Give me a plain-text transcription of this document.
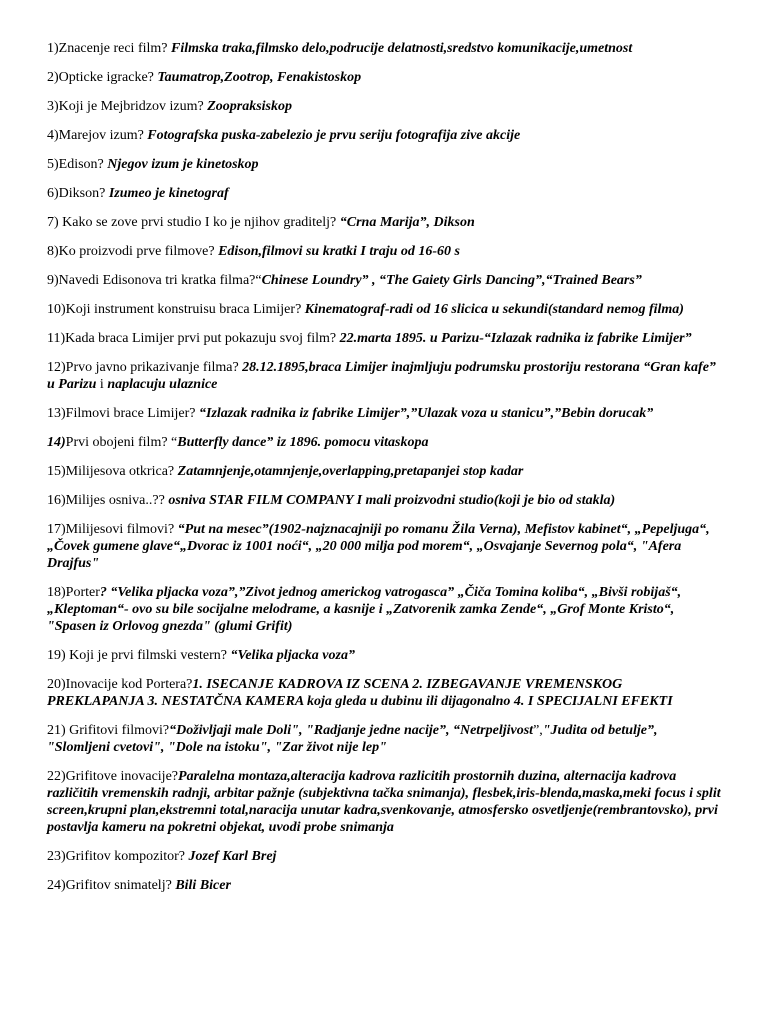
1)Znacenje reci film? Filmska traka,filmsko delo,podrucije delatnosti,sredstvo komunikacije,umetnost

2)Opticke igracke? Taumatrop,Zootrop, Fenakistoskop

3)Koji je Mejbridzov izum? Zoopraksiskop

4)Marejov izum? Fotografska puska-zabelezio je prvu seriju fotografija zive akcije

5)Edison? Njegov izum je kinetoskop

6)Dikson? Izumeo je kinetograf

7) Kako se zove prvi studio I ko je njihov graditelj? “Crna Marija”, Dikson

8)Ko proizvodi prve filmove? Edison,filmovi su kratki I traju od 16-60 s

9)Navedi Edisonova tri kratka filma?“Chinese Loundry” , “The Gaiety Girls Dancing”,“Trained Bears”

10)Koji instrument konstruisu braca Limijer? Kinematograf-radi od 16 slicica u sekundi(standard nemog filma)

11)Kada braca Limijer prvi put pokazuju svoj film? 22.marta 1895. u Parizu-“Izlazak radnika iz fabrike Limijer”

12)Prvo javno prikazivanje filma? 28.12.1895,braca Limijer inajmljuju podrumsku prostoriju restorana “Gran kafe” u Parizu i naplacuju ulaznice

13)Filmovi brace Limijer? “Izlazak radnika iz fabrike Limijer”,”Ulazak voza u stanicu”,”Bebin dorucak”

14)Prvi obojeni film? “Butterfly dance” iz 1896. pomocu vitaskopa

15)Milijesova otkrica? Zatamnjenje,otamnjenje,overlapping,pretapanjei stop kadar

16)Milijes osniva..?? osniva STAR FILM COMPANY I mali proizvodni studio(koji je bio od stakla)

17)Milijesovi filmovi? “Put na mesec”(1902-najznacajniji po romanu Žila Verna), Mefistov kabinet“, „Pepeljuga“, „Čovek gumene glave“„Dvorac iz 1001 noći“, „20 000 milja pod morem“, „Osvajanje Severnog pola“, "Afera Drajfus"

18)Porter? “Velika pljacka voza”,”Zivot jednog americkog vatrogasca” „Čiča Tomina koliba“, „Bivši robijaš“, „Kleptoman“- ovo su bile socijalne melodrame, a kasnije i „Zatvorenik zamka Zende“, „Grof Monte Kristo“, "Spasen iz Orlovog gnezda" (glumi Grifit)

19) Koji je prvi filmski vestern? “Velika pljacka voza”

20)Inovacije kod Portera?1. ISECANJE KADROVA IZ SCENA 2. IZBEGAVANJE VREMENSKOG PREKLAPANJA 3. NESTATČNA KAMERA koja gleda u dubinu ili dijagonalno 4. I SPECIJALNI EFEKTI

21) Grifitovi filmovi?“Doživljaji male Doli", "Radjanje jedne nacije”, “Netrpeljivost”,"Judita od betulje”, "Slomljeni cvetovi", "Dole na istoku", "Zar život nije lep"

22)Grifitove inovacije?Paralelna montaza,alteracija kadrova razlicitih prostornih duzina, alternacija kadrova različitih vremenskih radnji, arbitar pažnje (subjektivna tačka snimanja), flesbek,iris-blenda,maska,meki focus i split screen,krupni plan,ekstremni total,naracija unutar kadra,svenkovanje, atmosfersko osvetljenje(rembrantovsko), prvi postavlja kameru na pokretni objekat, uvodi probe snimanja

23)Grifitov kompozitor? Jozef Karl Brej

24)Grifitov snimatelj? Bili Bicer
